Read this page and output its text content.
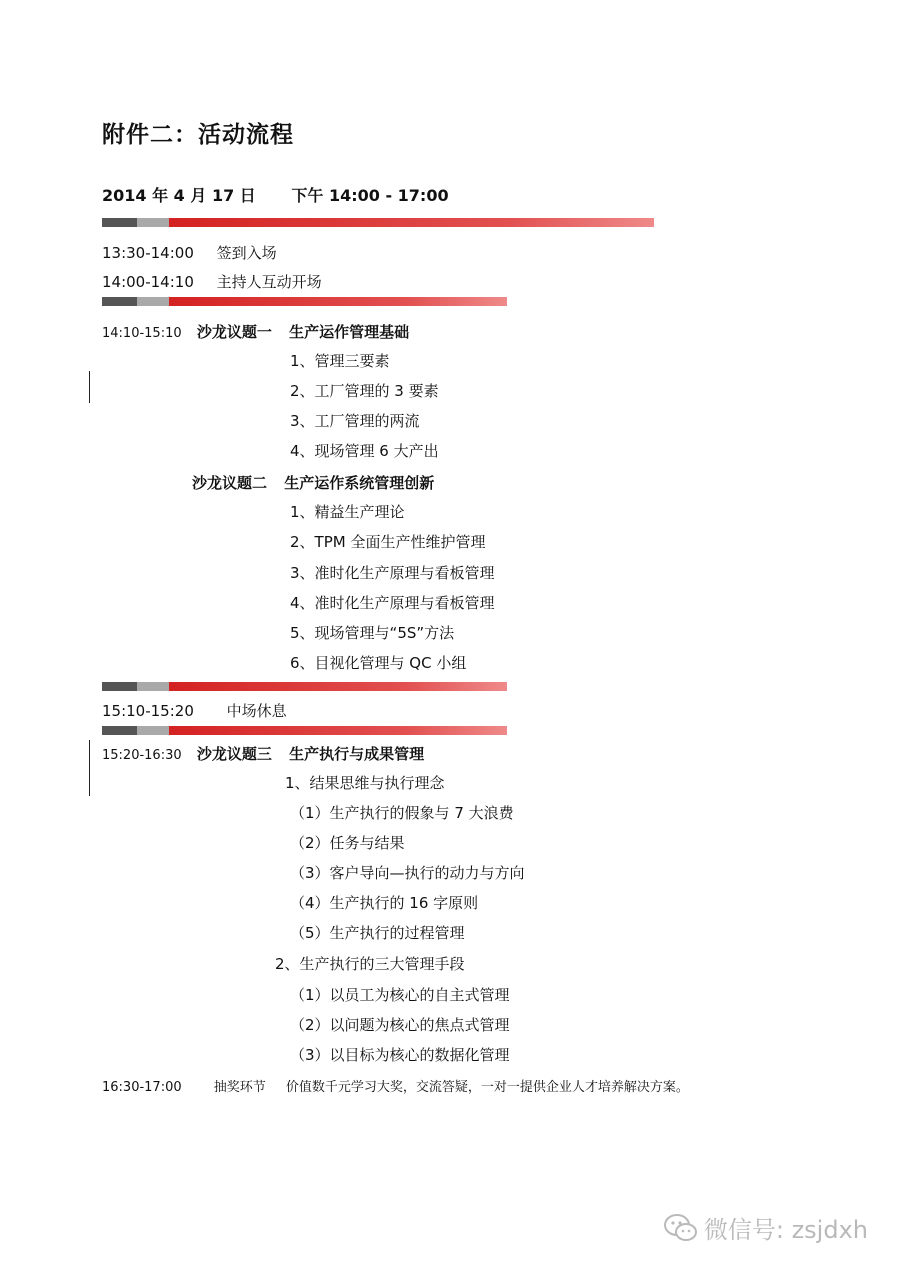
附件二：活动流程
2014 年 4 月 17 日 下午 14:00 - 17:00
13:30-14:00 签到入场
14:00-14:10 主持人互动开场
14:10-15:10 沙龙议题一 生产运作管理基础
1、管理三要素
2、工厂管理的 3 要素
3、工厂管理的两流
4、现场管理 6 大产出
沙龙议题二 生产运作系统管理创新
1、精益生产理论
2、TPM 全面生产性维护管理
3、准时化生产原理与看板管理
4、准时化生产原理与看板管理
5、现场管理与“5S”方法
6、目视化管理与 QC 小组
15:10-15:20 中场休息
15:20-16:30 沙龙议题三 生产执行与成果管理
1、结果思维与执行理念
（1）生产执行的假象与 7 大浪费
（2）任务与结果
（3）客户导向—执行的动力与方向
（4）生产执行的 16 字原则
（5）生产执行的过程管理
2、生产执行的三大管理手段
（1）以员工为核心的自主式管理
（2）以问题为核心的焦点式管理
（3）以目标为核心的数据化管理
16:30-17:00 抽奖环节 价值数千元学习大奖，交流答疑，一对一提供企业人才培养解决方案。
微信号: zsjdxh
